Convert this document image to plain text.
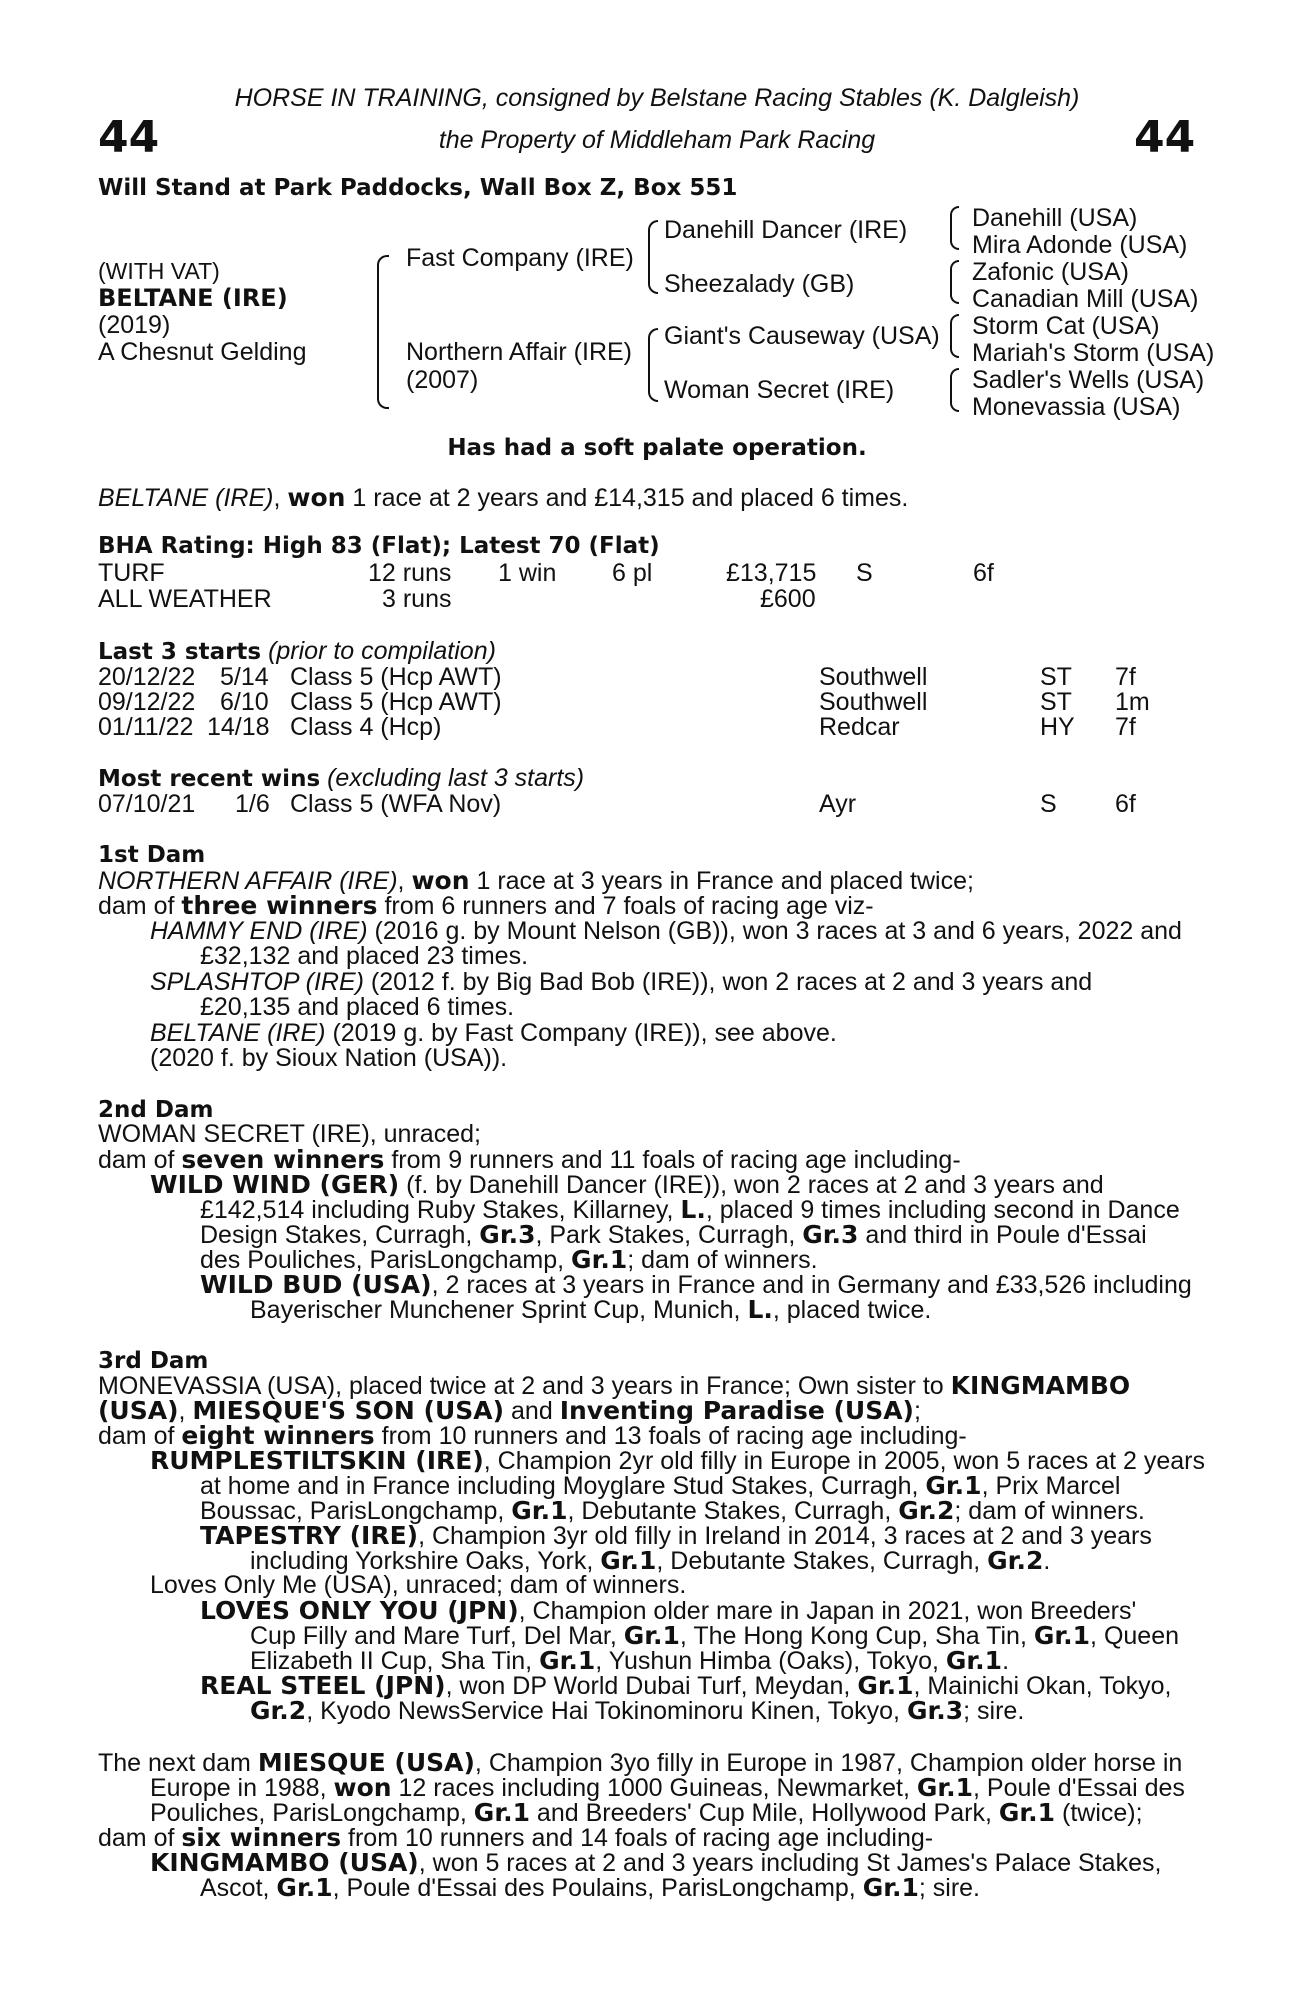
44	44
HORSE IN TRAINING, consigned by Belstane Racing Stables (K. Dalgleish)
the Property of Middleham Park Racing
Will Stand at Park Paddocks, Wall Box Z, Box 551
(WITH VAT)
BELTANE (IRE)
(2019)
A Chesnut Gelding
Fast Company (IRE)
Northern Affair (IRE)
(2007)
Danehill Dancer (IRE)
Sheezalady (GB)
Giant's Causeway (USA)
Woman Secret (IRE)
Danehill (USA)
Mira Adonde (USA)
Zafonic (USA)
Canadian Mill (USA)
Storm Cat (USA)
Mariah's Storm (USA)
Sadler's Wells (USA)
Monevassia (USA)
Has had a soft palate operation.
BELTANE (IRE), won 1 race at 2 years and £14,315 and placed 6 times.
BHA Rating: High 83 (Flat); Latest 70 (Flat)
TURF	12 runs 1 win 6 pl	£13,715 S	6f
ALL WEATHER	3 runs	£600
Last 3 starts (prior to compilation)
20/12/22 5/14 Class 5 (Hcp AWT)	Southwell	ST 7f
09/12/22 6/10 Class 5 (Hcp AWT)	Southwell	ST 1m
01/11/22 14/18 Class 4 (Hcp)	Redcar	HY 7f
Most recent wins (excluding last 3 starts)
07/10/21 1/6 Class 5 (WFA Nov)	Ayr	S 6f
1st Dam
NORTHERN AFFAIR (IRE), won 1 race at 3 years in France and placed twice;
dam of three winners from 6 runners and 7 foals of racing age viz-
HAMMY END (IRE) (2016 g. by Mount Nelson (GB)), won 3 races at 3 and 6 years, 2022 and
£32,132 and placed 23 times.
SPLASHTOP (IRE) (2012 f. by Big Bad Bob (IRE)), won 2 races at 2 and 3 years and
£20,135 and placed 6 times.
BELTANE (IRE) (2019 g. by Fast Company (IRE)), see above.
(2020 f. by Sioux Nation (USA)).
2nd Dam
WOMAN SECRET (IRE), unraced;
dam of seven winners from 9 runners and 11 foals of racing age including-
WILD WIND (GER) (f. by Danehill Dancer (IRE)), won 2 races at 2 and 3 years and
£142,514 including Ruby Stakes, Killarney, L., placed 9 times including second in Dance
Design Stakes, Curragh, Gr.3, Park Stakes, Curragh, Gr.3 and third in Poule d'Essai
des Pouliches, ParisLongchamp, Gr.1; dam of winners.
WILD BUD (USA), 2 races at 3 years in France and in Germany and £33,526 including
Bayerischer Munchener Sprint Cup, Munich, L., placed twice.
3rd Dam
MONEVASSIA (USA), placed twice at 2 and 3 years in France; Own sister to KINGMAMBO
(USA), MIESQUE'S SON (USA) and Inventing Paradise (USA);
dam of eight winners from 10 runners and 13 foals of racing age including-
RUMPLESTILTSKIN (IRE), Champion 2yr old filly in Europe in 2005, won 5 races at 2 years
at home and in France including Moyglare Stud Stakes, Curragh, Gr.1, Prix Marcel
Boussac, ParisLongchamp, Gr.1, Debutante Stakes, Curragh, Gr.2; dam of winners.
TAPESTRY (IRE), Champion 3yr old filly in Ireland in 2014, 3 races at 2 and 3 years
including Yorkshire Oaks, York, Gr.1, Debutante Stakes, Curragh, Gr.2.
Loves Only Me (USA), unraced; dam of winners.
LOVES ONLY YOU (JPN), Champion older mare in Japan in 2021, won Breeders'
Cup Filly and Mare Turf, Del Mar, Gr.1, The Hong Kong Cup, Sha Tin, Gr.1, Queen
Elizabeth II Cup, Sha Tin, Gr.1, Yushun Himba (Oaks), Tokyo, Gr.1.
REAL STEEL (JPN), won DP World Dubai Turf, Meydan, Gr.1, Mainichi Okan, Tokyo,
Gr.2, Kyodo NewsService Hai Tokinominoru Kinen, Tokyo, Gr.3; sire.
The next dam MIESQUE (USA), Champion 3yo filly in Europe in 1987, Champion older horse in
Europe in 1988, won 12 races including 1000 Guineas, Newmarket, Gr.1, Poule d'Essai des
Pouliches, ParisLongchamp, Gr.1 and Breeders' Cup Mile, Hollywood Park, Gr.1 (twice);
dam of six winners from 10 runners and 14 foals of racing age including-
KINGMAMBO (USA), won 5 races at 2 and 3 years including St James's Palace Stakes,
Ascot, Gr.1, Poule d'Essai des Poulains, ParisLongchamp, Gr.1; sire.
